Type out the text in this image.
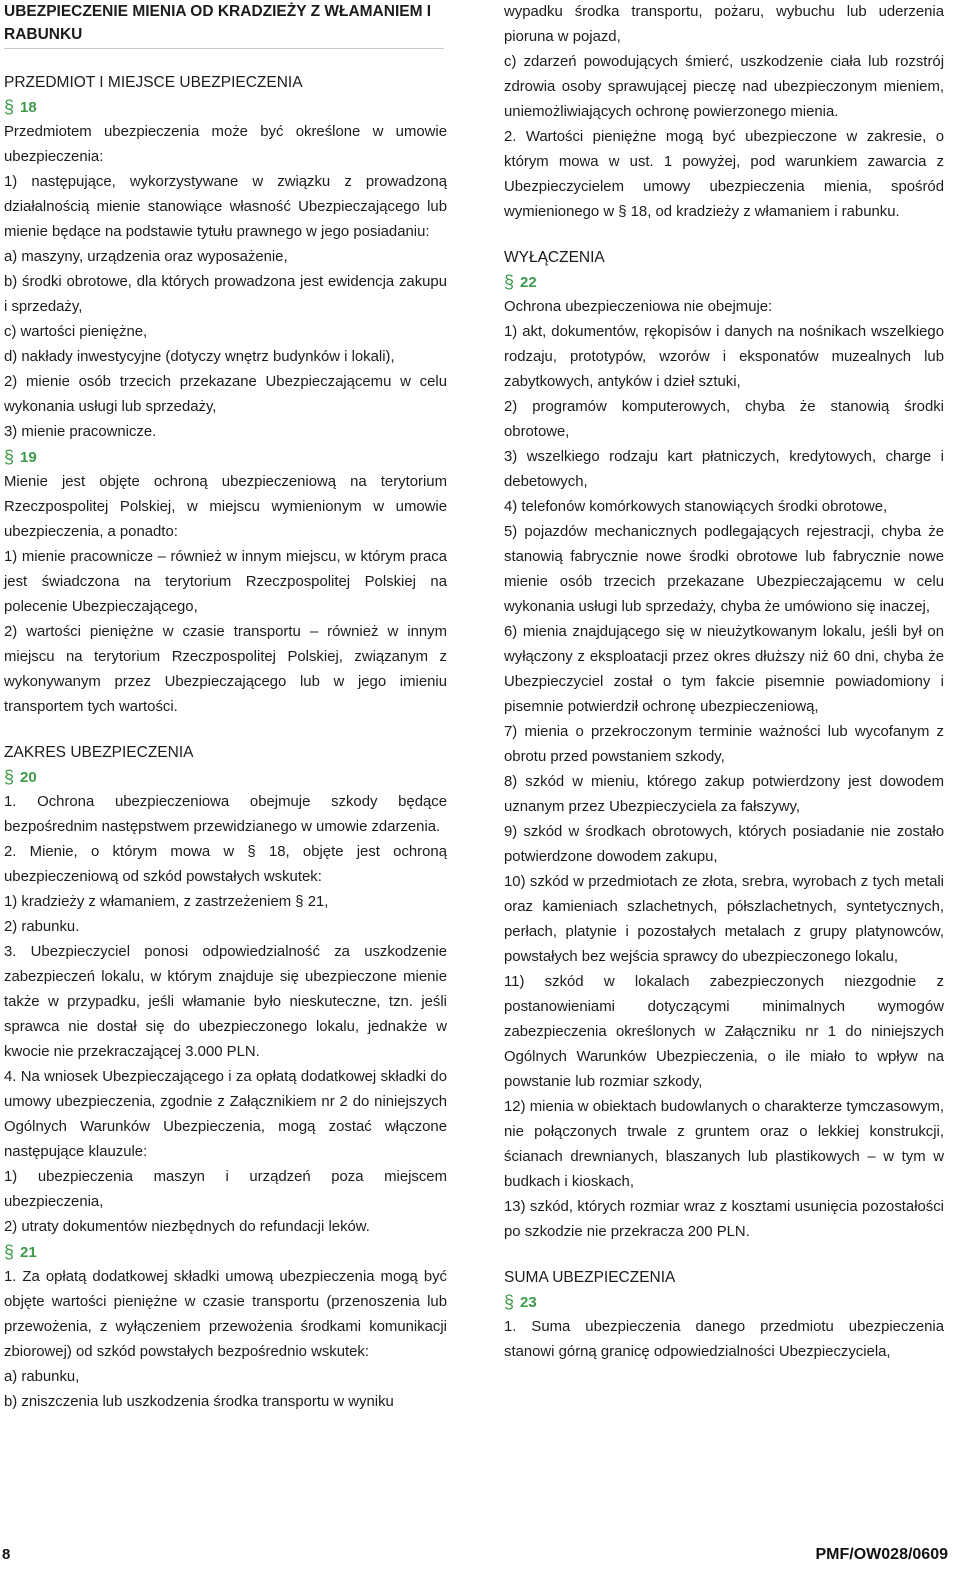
UBEZPIECZENIE MIENIA OD KRADZIEŻY Z WŁAMANIEM I RABUNKU
PRZEDMIOT I MIEJSCE UBEZPIECZENIA
§ 18

Przedmiotem ubezpieczenia może być określone w umowie ubezpieczenia:

1) następujące, wykorzystywane w związku z prowadzoną działalnością mienie stanowiące własność Ubezpieczającego lub mienie będące na podstawie tytułu prawnego w jego posiadaniu:

a) maszyny, urządzenia oraz wyposażenie,

b) środki obrotowe, dla których prowadzona jest ewidencja zakupu i sprzedaży,

c) wartości pieniężne,

d) nakłady inwestycyjne (dotyczy wnętrz budynków i lokali),

2) mienie osób trzecich przekazane Ubezpieczającemu w celu wykonania usługi lub sprzedaży,

3) mienie pracownicze.

§ 19

Mienie jest objęte ochroną ubezpieczeniową na terytorium Rzeczpospolitej Polskiej, w miejscu wymienionym w umowie ubezpieczenia, a ponadto:

1) mienie pracownicze – również w innym miejscu, w którym praca jest świadczona na terytorium Rzeczpospolitej Polskiej na polecenie Ubezpieczającego,

2) wartości pieniężne w czasie transportu – również w innym miejscu na terytorium Rzeczpospolitej Polskiej, związanym z wykonywanym przez Ubezpieczającego lub w jego imieniu transportem tych wartości.

ZAKRES UBEZPIECZENIA
§ 20

1. Ochrona ubezpieczeniowa obejmuje szkody będące bezpośrednim następstwem przewidzianego w umowie zdarzenia.

2. Mienie, o którym mowa w § 18, objęte jest ochroną ubezpieczeniową od szkód powstałych wskutek:

1) kradzieży z włamaniem, z zastrzeżeniem § 21,

2) rabunku.

3. Ubezpieczyciel ponosi odpowiedzialność za uszkodzenie zabezpieczeń lokalu, w którym znajduje się ubezpieczone mienie także w przypadku, jeśli włamanie było nieskuteczne, tzn. jeśli sprawca nie dostał się do ubezpieczonego lokalu, jednakże w kwocie nie przekraczającej 3.000 PLN.

4. Na wniosek Ubezpieczającego i za opłatą dodatkowej składki do umowy ubezpieczenia, zgodnie z Załącznikiem nr 2 do niniejszych Ogólnych Warunków Ubezpieczenia, mogą zostać włączone następujące klauzule:

1) ubezpieczenia maszyn i urządzeń poza miejscem ubezpieczenia,

2) utraty dokumentów niezbędnych do refundacji leków.

§ 21

1. Za opłatą dodatkowej składki umową ubezpieczenia mogą być objęte wartości pieniężne w czasie transportu (przenoszenia lub przewożenia, z wyłączeniem przewożenia środkami komunikacji zbiorowej) od szkód powstałych bezpośrednio wskutek:

a) rabunku,

b) zniszczenia lub uszkodzenia środka transportu w wyniku

wypadku środka transportu, pożaru, wybuchu lub uderzenia pioruna w pojazd,

c) zdarzeń powodujących śmierć, uszkodzenie ciała lub rozstrój zdrowia osoby sprawującej pieczę nad ubezpieczonym mieniem, uniemożliwiających ochronę powierzonego mienia.

2. Wartości pieniężne mogą być ubezpieczone w zakresie, o którym mowa w ust. 1 powyżej, pod warunkiem zawarcia z Ubezpieczycielem umowy ubezpieczenia mienia, spośród wymienionego w § 18, od kradzieży z włamaniem i rabunku.

WYŁĄCZENIA
§ 22

Ochrona ubezpieczeniowa nie obejmuje:

1) akt, dokumentów, rękopisów i danych na nośnikach wszelkiego rodzaju, prototypów, wzorów i eksponatów muzealnych lub zabytkowych, antyków i dzieł sztuki,

2) programów komputerowych, chyba że stanowią środki obrotowe,

3) wszelkiego rodzaju kart płatniczych, kredytowych, charge i debetowych,

4) telefonów komórkowych stanowiących środki obrotowe,

5) pojazdów mechanicznych podlegających rejestracji, chyba że stanowią fabrycznie nowe środki obrotowe lub fabrycznie nowe mienie osób trzecich przekazane Ubezpieczającemu w celu wykonania usługi lub sprzedaży, chyba że umówiono się inaczej,

6) mienia znajdującego się w nieużytkowanym lokalu, jeśli był on wyłączony z eksploatacji przez okres dłuższy niż 60 dni, chyba że Ubezpieczyciel został o tym fakcie pisemnie powiadomiony i pisemnie potwierdził ochronę ubezpieczeniową,

7) mienia o przekroczonym terminie ważności lub wycofanym z obrotu przed powstaniem szkody,

8) szkód w mieniu, którego zakup potwierdzony jest dowodem uznanym przez Ubezpieczyciela za fałszywy,

9) szkód w środkach obrotowych, których posiadanie nie zostało potwierdzone dowodem zakupu,

10) szkód w przedmiotach ze złota, srebra, wyrobach z tych metali oraz kamieniach szlachetnych, półszlachetnych, syntetycznych, perłach, platynie i pozostałych metalach z grupy platynowców, powstałych bez wejścia sprawcy do ubezpieczonego lokalu,

11) szkód w lokalach zabezpieczonych niezgodnie z postanowieniami dotyczącymi minimalnych wymogów zabezpieczenia określonych w Załączniku nr 1 do niniejszych Ogólnych Warunków Ubezpieczenia, o ile miało to wpływ na powstanie lub rozmiar szkody,

12) mienia w obiektach budowlanych o charakterze tymczasowym, nie połączonych trwale z gruntem oraz o lekkiej konstrukcji, ścianach drewnianych, blaszanych lub plastikowych – w tym w budkach i kioskach,

13) szkód, których rozmiar wraz z kosztami usunięcia pozostałości po szkodzie nie przekracza 200 PLN.

SUMA UBEZPIECZENIA
§ 23

1. Suma ubezpieczenia danego przedmiotu ubezpieczenia stanowi górną granicę odpowiedzialności Ubezpieczyciela,

8	PMF/OW028/0609
